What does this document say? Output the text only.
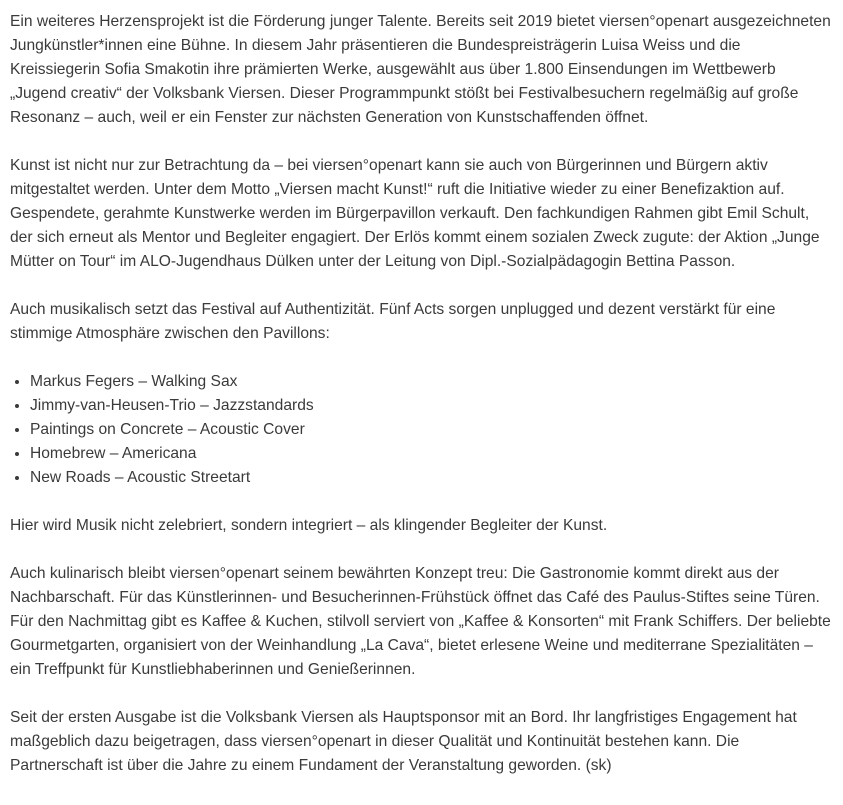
Ein weiteres Herzensprojekt ist die Förderung junger Talente. Bereits seit 2019 bietet viersen°openart ausgezeichneten Jungkünstler*innen eine Bühne. In diesem Jahr präsentieren die Bundespreisträgerin Luisa Weiss und die Kreissiegerin Sofia Smakotin ihre prämierten Werke, ausgewählt aus über 1.800 Einsendungen im Wettbewerb „Jugend creativ“ der Volksbank Viersen. Dieser Programmpunkt stößt bei Festivalbesuchern regelmäßig auf große Resonanz – auch, weil er ein Fenster zur nächsten Generation von Kunstschaffenden öffnet.

Kunst ist nicht nur zur Betrachtung da – bei viersen°openart kann sie auch von Bürgerinnen und Bürgern aktiv mitgestaltet werden. Unter dem Motto „Viersen macht Kunst!“ ruft die Initiative wieder zu einer Benefizaktion auf. Gespendete, gerahmte Kunstwerke werden im Bürgerpavillon verkauft. Den fachkundigen Rahmen gibt Emil Schult, der sich erneut als Mentor und Begleiter engagiert. Der Erlös kommt einem sozialen Zweck zugute: der Aktion „Junge Mütter on Tour“ im ALO-Jugendhaus Dülken unter der Leitung von Dipl.-Sozialpädagogin Bettina Passon.

Auch musikalisch setzt das Festival auf Authentizität. Fünf Acts sorgen unplugged und dezent verstärkt für eine stimmige Atmosphäre zwischen den Pavillons:

• Markus Fegers – Walking Sax
• Jimmy-van-Heusen-Trio – Jazzstandards
• Paintings on Concrete – Acoustic Cover
• Homebrew – Americana
• New Roads – Acoustic Streetart

Hier wird Musik nicht zelebriert, sondern integriert – als klingender Begleiter der Kunst.

Auch kulinarisch bleibt viersen°openart seinem bewährten Konzept treu: Die Gastronomie kommt direkt aus der Nachbarschaft. Für das Künstlerinnen- und Besucherinnen-Frühstück öffnet das Café des Paulus-Stiftes seine Türen. Für den Nachmittag gibt es Kaffee & Kuchen, stilvoll serviert von „Kaffee & Konsorten“ mit Frank Schiffers. Der beliebte Gourmetgarten, organisiert von der Weinhandlung „La Cava“, bietet erlesene Weine und mediterrane Spezialitäten – ein Treffpunkt für Kunstliebhaberinnen und Genießerinnen.

Seit der ersten Ausgabe ist die Volksbank Viersen als Hauptsponsor mit an Bord. Ihr langfristiges Engagement hat maßgeblich dazu beigetragen, dass viersen°openart in dieser Qualität und Kontinuität bestehen kann. Die Partnerschaft ist über die Jahre zu einem Fundament der Veranstaltung geworden. (sk)
